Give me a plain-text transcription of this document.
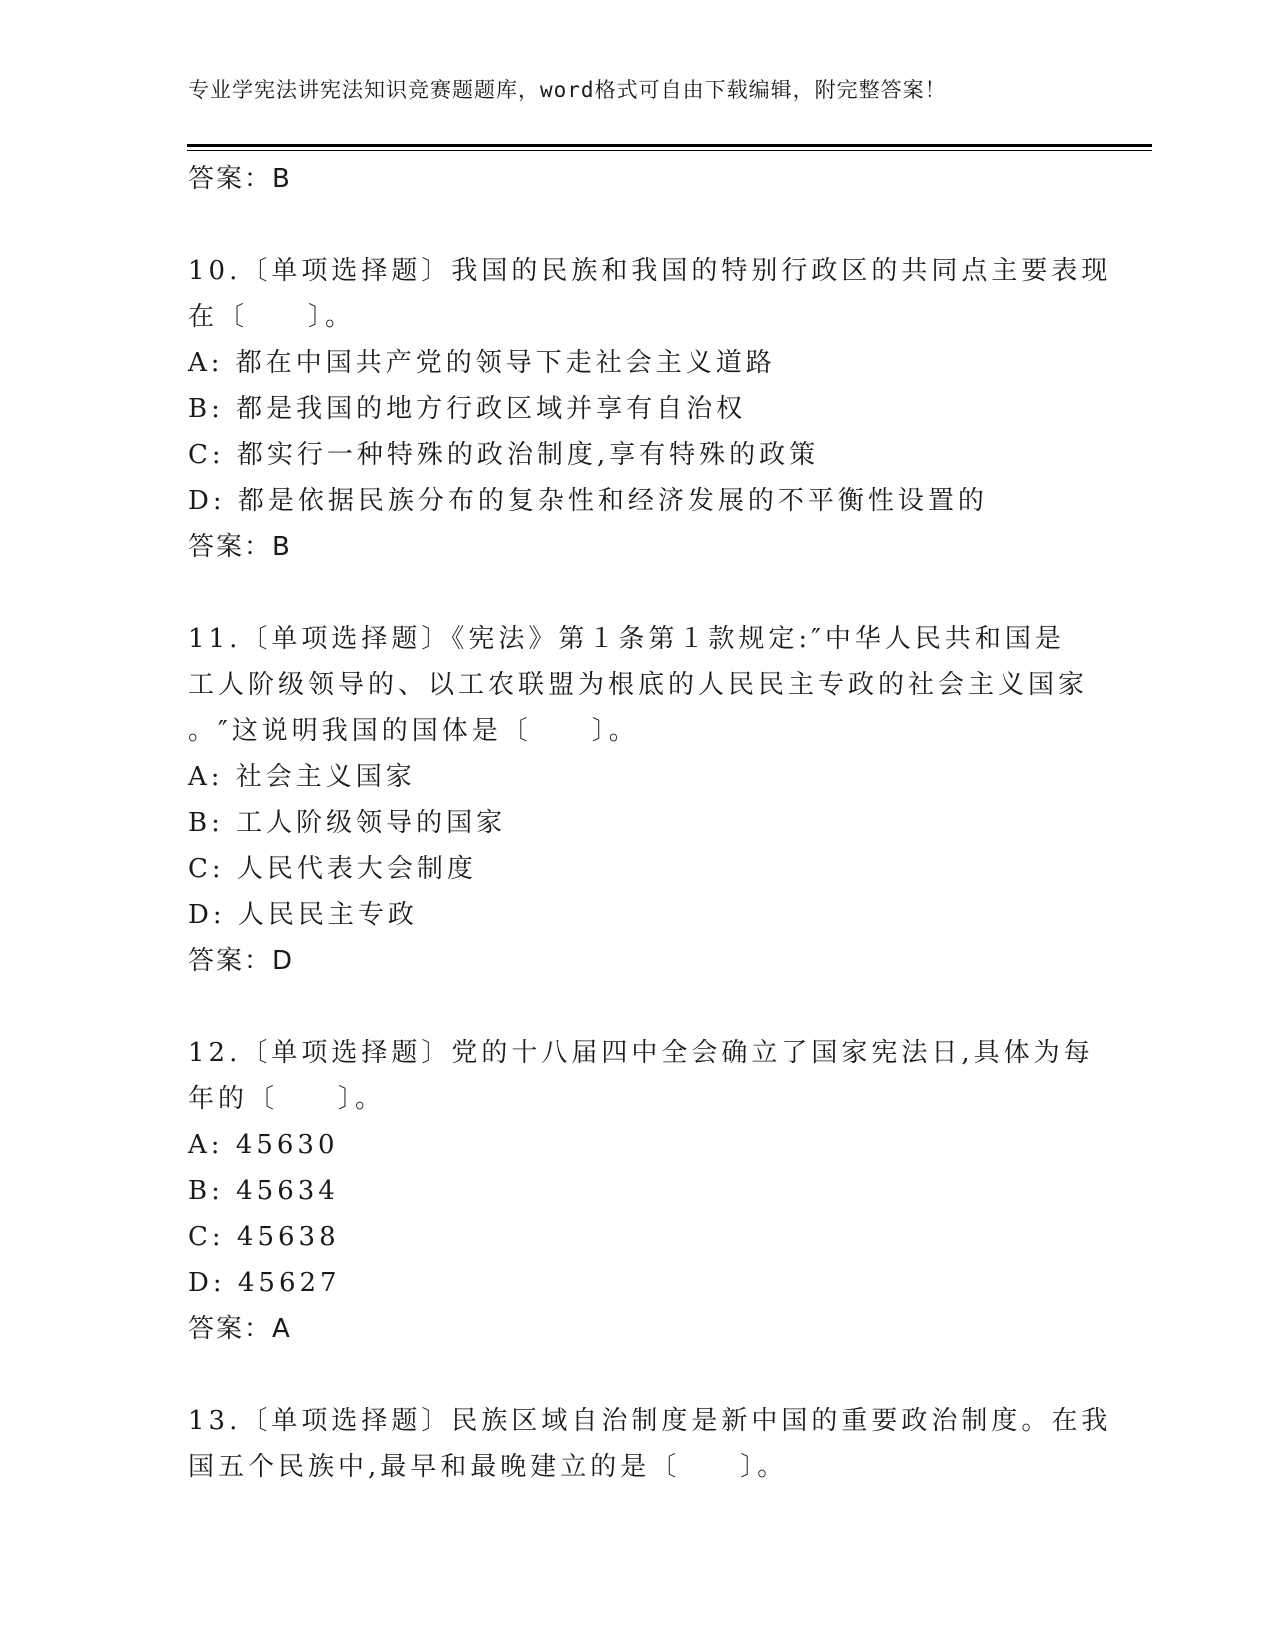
专业学宪法讲宪法知识竞赛题题库，word格式可自由下载编辑，附完整答案！
答案：B
10.〔单项选择题〕我国的民族和我国的特别行政区的共同点主要表现
在〔　　〕。
A: 都在中国共产党的领导下走社会主义道路
B: 都是我国的地方行政区域并享有自治权
C: 都实行一种特殊的政治制度,享有特殊的政策
D: 都是依据民族分布的复杂性和经济发展的不平衡性设置的
答案：B
11.〔单项选择题〕《宪法》第１条第１款规定:″中华人民共和国是
工人阶级领导的、以工农联盟为根底的人民民主专政的社会主义国家
。″这说明我国的国体是〔　　〕。
A: 社会主义国家
B: 工人阶级领导的国家
C: 人民代表大会制度
D: 人民民主专政
答案：D
12.〔单项选择题〕党的十八届四中全会确立了国家宪法日,具体为每
年的〔　　〕。
A: 45630
B: 45634
C: 45638
D: 45627
答案：A
13.〔单项选择题〕民族区域自治制度是新中国的重要政治制度。在我
国五个民族中,最早和最晚建立的是〔　　〕。
